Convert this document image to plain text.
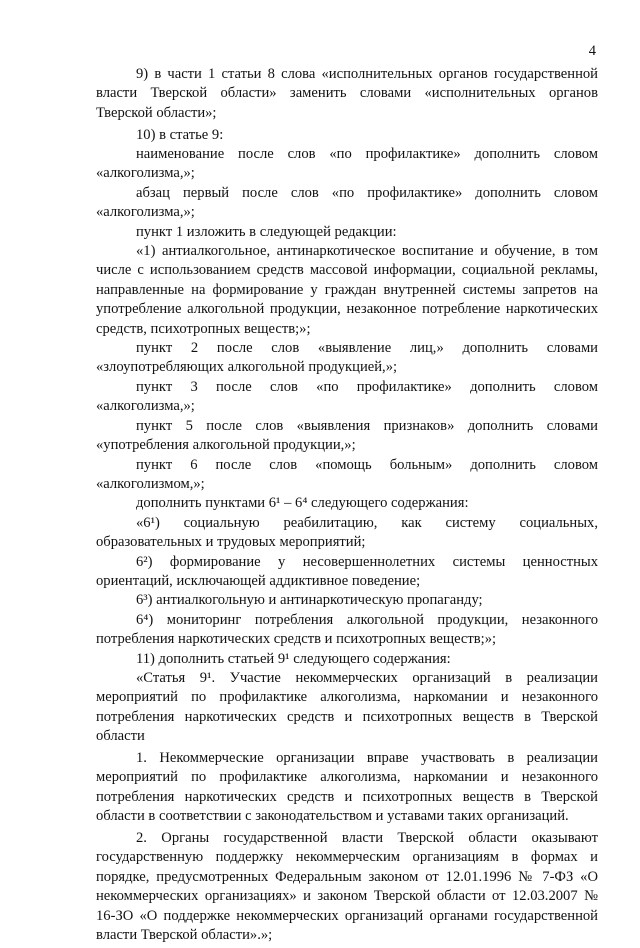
4

9) в части 1 статьи 8 слова «исполнительных органов государственной власти Тверской области» заменить словами «исполнительных органов Тверской области»;

10) в статье 9:

наименование после слов «по профилактике» дополнить словом «алкоголизма,»;

абзац первый после слов «по профилактике» дополнить словом «алкоголизма,»;

пункт 1 изложить в следующей редакции:

«1) антиалкогольное, антинаркотическое воспитание и обучение, в том числе с использованием средств массовой информации, социальной рекламы, направленные на формирование у граждан внутренней системы запретов на употребление алкогольной продукции, незаконное потребление наркотических средств, психотропных веществ;»;

пункт 2 после слов «выявление лиц,» дополнить словами «злоупотребляющих алкогольной продукцией,»;

пункт 3 после слов «по профилактике» дополнить словом «алкоголизма,»;

пункт 5 после слов «выявления признаков» дополнить словами «употребления алкогольной продукции,»;

пункт 6 после слов «помощь больным» дополнить словом «алкоголизмом,»;

дополнить пунктами 6¹ – 6⁴ следующего содержания:

«6¹) социальную реабилитацию, как систему социальных, образовательных и трудовых мероприятий;

6²) формирование у несовершеннолетних системы ценностных ориентаций, исключающей аддиктивное поведение;

6³) антиалкогольную и антинаркотическую пропаганду;

6⁴) мониторинг потребления алкогольной продукции, незаконного потребления наркотических средств и психотропных веществ;»;

11) дополнить статьей 9¹ следующего содержания:

«Статья 9¹. Участие некоммерческих организаций в реализации мероприятий по профилактике алкоголизма, наркомании и незаконного потребления наркотических средств и психотропных веществ в Тверской области

1. Некоммерческие организации вправе участвовать в реализации мероприятий по профилактике алкоголизма, наркомании и незаконного потребления наркотических средств и психотропных веществ в Тверской области в соответствии с законодательством и уставами таких организаций.

2. Органы государственной власти Тверской области оказывают государственную поддержку некоммерческим организациям в формах и порядке, предусмотренных Федеральным законом от 12.01.1996 № 7-ФЗ «О некоммерческих организациях» и законом Тверской области от 12.03.2007 № 16-ЗО «О поддержке некоммерческих организаций органами государственной власти Тверской области».»;
